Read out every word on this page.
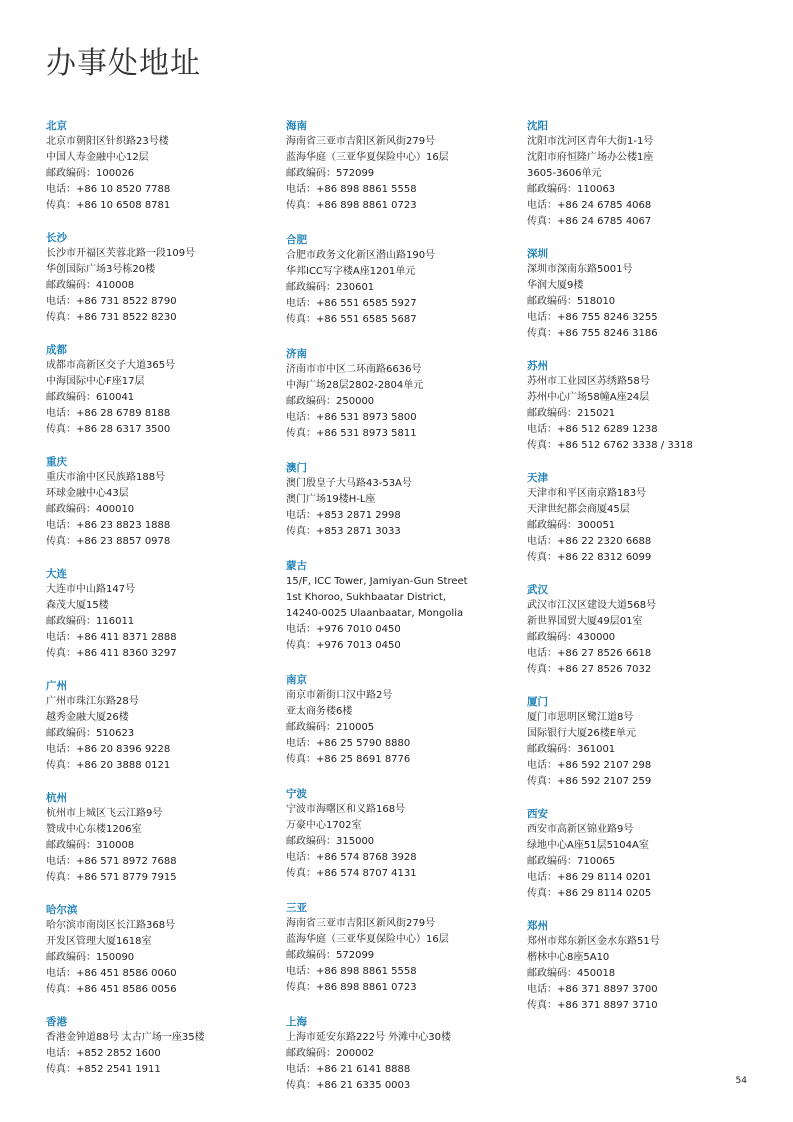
办事处地址
北京
北京市朝阳区针织路23号楼
中国人寿金融中心12层
邮政编码：100026
电话：+86 10 8520 7788
传真：+86 10 6508 8781
长沙
长沙市开福区芙蓉北路一段109号
华创国际广场3号栋20楼
邮政编码：410008
电话：+86 731 8522 8790
传真：+86 731 8522 8230
成都
成都市高新区交子大道365号
中海国际中心F座17层
邮政编码：610041
电话：+86 28 6789 8188
传真：+86 28 6317 3500
重庆
重庆市渝中区民族路188号
环球金融中心43层
邮政编码：400010
电话：+86 23 8823 1888
传真：+86 23 8857 0978
大连
大连市中山路147号
森茂大厦15楼
邮政编码：116011
电话：+86 411 8371 2888
传真：+86 411 8360 3297
广州
广州市珠江东路28号
越秀金融大厦26楼
邮政编码：510623
电话：+86 20 8396 9228
传真：+86 20 3888 0121
杭州
杭州市上城区飞云江路9号
赞成中心东楼1206室
邮政编码：310008
电话：+86 571 8972 7688
传真：+86 571 8779 7915
哈尔滨
哈尔滨市南岗区长江路368号
开发区管理大厦1618室
邮政编码：150090
电话：+86 451 8586 0060
传真：+86 451 8586 0056
香港
香港金钟道88号 太古广场一座35楼
电话：+852 2852 1600
传真：+852 2541 1911
海南
海南省三亚市吉阳区新风街279号
蓝海华庭（三亚华夏保险中心）16层
邮政编码：572099
电话：+86 898 8861 5558
传真：+86 898 8861 0723
合肥
合肥市政务文化新区潜山路190号
华邦ICC写字楼A座1201单元
邮政编码：230601
电话：+86 551 6585 5927
传真：+86 551 6585 5687
济南
济南市市中区二环南路6636号
中海广场28层2802-2804单元
邮政编码：250000
电话：+86 531 8973 5800
传真：+86 531 8973 5811
澳门
澳门殷皇子大马路43-53A号
澳门广场19楼H-L座
电话：+853 2871 2998
传真：+853 2871 3033
蒙古
15/F, ICC Tower, Jamiyan-Gun Street
1st Khoroo, Sukhbaatar District,
14240-0025 Ulaanbaatar, Mongolia
电话：+976 7010 0450
传真：+976 7013 0450
南京
南京市新街口汉中路2号
亚太商务楼6楼
邮政编码：210005
电话：+86 25 5790 8880
传真：+86 25 8691 8776
宁波
宁波市海曙区和义路168号
万豪中心1702室
邮政编码：315000
电话：+86 574 8768 3928
传真：+86 574 8707 4131
三亚
海南省三亚市吉阳区新风街279号
蓝海华庭（三亚华夏保险中心）16层
邮政编码：572099
电话：+86 898 8861 5558
传真：+86 898 8861 0723
上海
上海市延安东路222号 外滩中心30楼
邮政编码：200002
电话：+86 21 6141 8888
传真：+86 21 6335 0003
沈阳
沈阳市沈河区青年大街1-1号
沈阳市府恒隆广场办公楼1座
3605-3606单元
邮政编码：110063
电话：+86 24 6785 4068
传真：+86 24 6785 4067
深圳
深圳市深南东路5001号
华润大厦9楼
邮政编码：518010
电话：+86 755 8246 3255
传真：+86 755 8246 3186
苏州
苏州市工业园区苏绣路58号
苏州中心广场58幢A座24层
邮政编码：215021
电话：+86 512 6289 1238
传真：+86 512 6762 3338 / 3318
天津
天津市和平区南京路183号
天津世纪都会商厦45层
邮政编码：300051
电话：+86 22 2320 6688
传真：+86 22 8312 6099
武汉
武汉市江汉区建设大道568号
新世界国贸大厦49层01室
邮政编码：430000
电话：+86 27 8526 6618
传真：+86 27 8526 7032
厦门
厦门市思明区鹭江道8号
国际银行大厦26楼E单元
邮政编码：361001
电话：+86 592 2107 298
传真：+86 592 2107 259
西安
西安市高新区锦业路9号
绿地中心A座51层5104A室
邮政编码：710065
电话：+86 29 8114 0201
传真：+86 29 8114 0205
郑州
郑州市郑东新区金水东路51号
楷林中心8座5A10
邮政编码：450018
电话：+86 371 8897 3700
传真：+86 371 8897 3710
54
